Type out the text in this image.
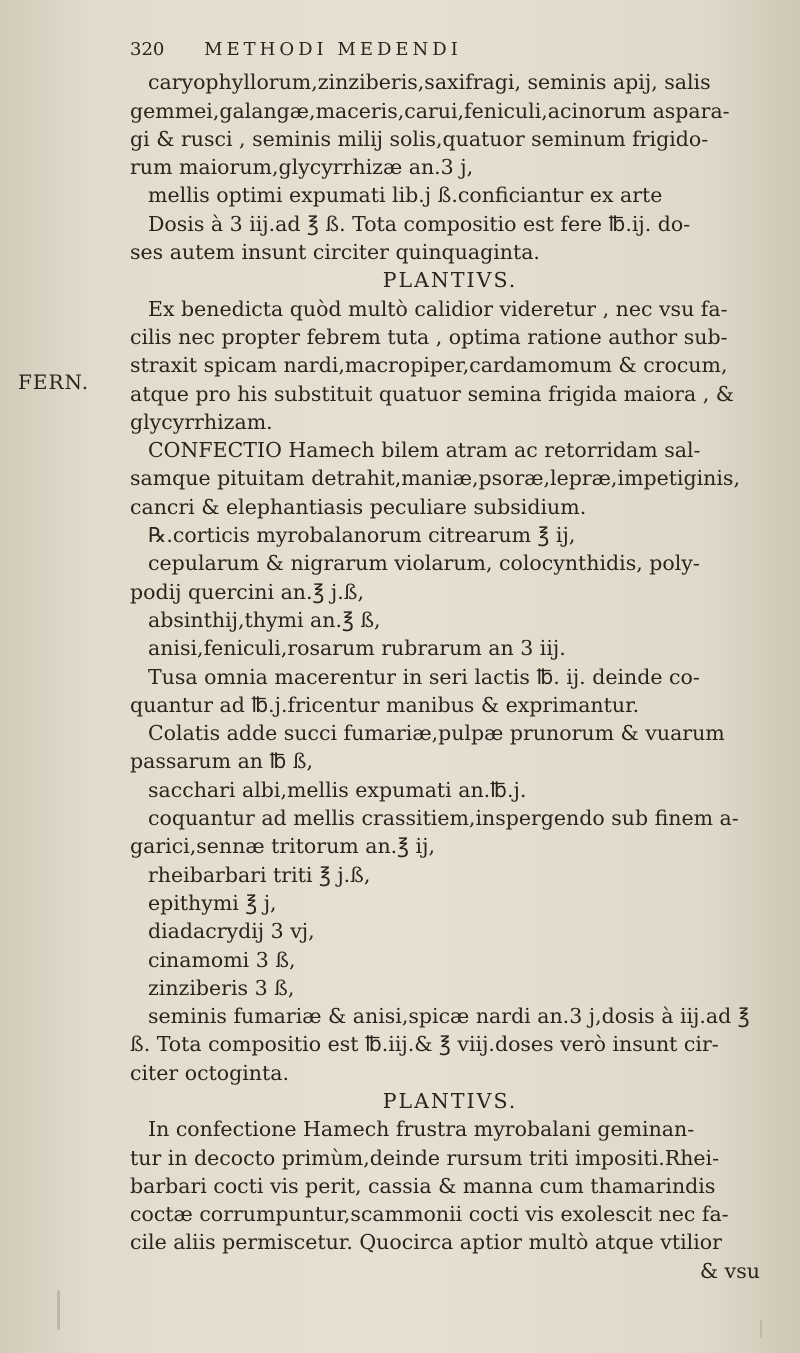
FERN.
320 METHODI MEDENDI
caryophyllorum,zinziberis,saxifragi, seminis apij, salis
gemmei,galangæ,maceris,carui,feniculi,acinorum aspara-
gi & rusci , seminis milij solis,quatuor seminum frigido-
rum maiorum,glycyrrhizæ an.3 j,
mellis optimi expumati lib.j ß.conficiantur ex arte
Dosis à 3 iij.ad ℥ ß. Tota compositio est fere ℔.ij. do-
ses autem insunt circiter quinquaginta.
PLANTIVS.
Ex benedicta quòd multò calidior videretur , nec vsu fa-
cilis nec propter febrem tuta , optima ratione author sub-
straxit spicam nardi,macropiper,cardamomum & crocum,
atque pro his substituit quatuor semina frigida maiora , &
glycyrrhizam.
CONFECTIO Hamech bilem atram ac retorridam sal-
samque pituitam detrahit,maniæ,psoræ,lepræ,impetiginis,
cancri & elephantiasis peculiare subsidium.
℞.corticis myrobalanorum citrearum ℥ ij,
cepularum & nigrarum violarum, colocynthidis, poly-
podij quercini an.℥ j.ß,
absinthij,thymi an.℥ ß,
anisi,feniculi,rosarum rubrarum an 3 iij.
Tusa omnia macerentur in seri lactis ℔. ij. deinde co-
quantur ad ℔.j.fricentur manibus & exprimantur.
Colatis adde succi fumariæ,pulpæ prunorum & vuarum
passarum an ℔ ß,
sacchari albi,mellis expumati an.℔.j.
coquantur ad mellis crassitiem,inspergendo sub finem a-
garici,sennæ tritorum an.℥ ij,
rheibarbari triti ℥ j.ß,
epithymi ℥ j,
diadacrydij 3 vj,
cinamomi 3 ß,
zinziberis 3 ß,
seminis fumariæ & anisi,spicæ nardi an.3 j,dosis à iij.ad ℥
ß. Tota compositio est ℔.iij.& ℥ viij.doses verò insunt cir-
citer octoginta.
PLANTIVS.
In confectione Hamech frustra myrobalani geminan-
tur in decocto primùm,deinde rursum triti impositi.Rhei-
barbari cocti vis perit, cassia & manna cum thamarindis
coctæ corrumpuntur,scammonii cocti vis exolescit nec fa-
cile aliis permiscetur. Quocirca aptior multò atque vtilior
& vsu
